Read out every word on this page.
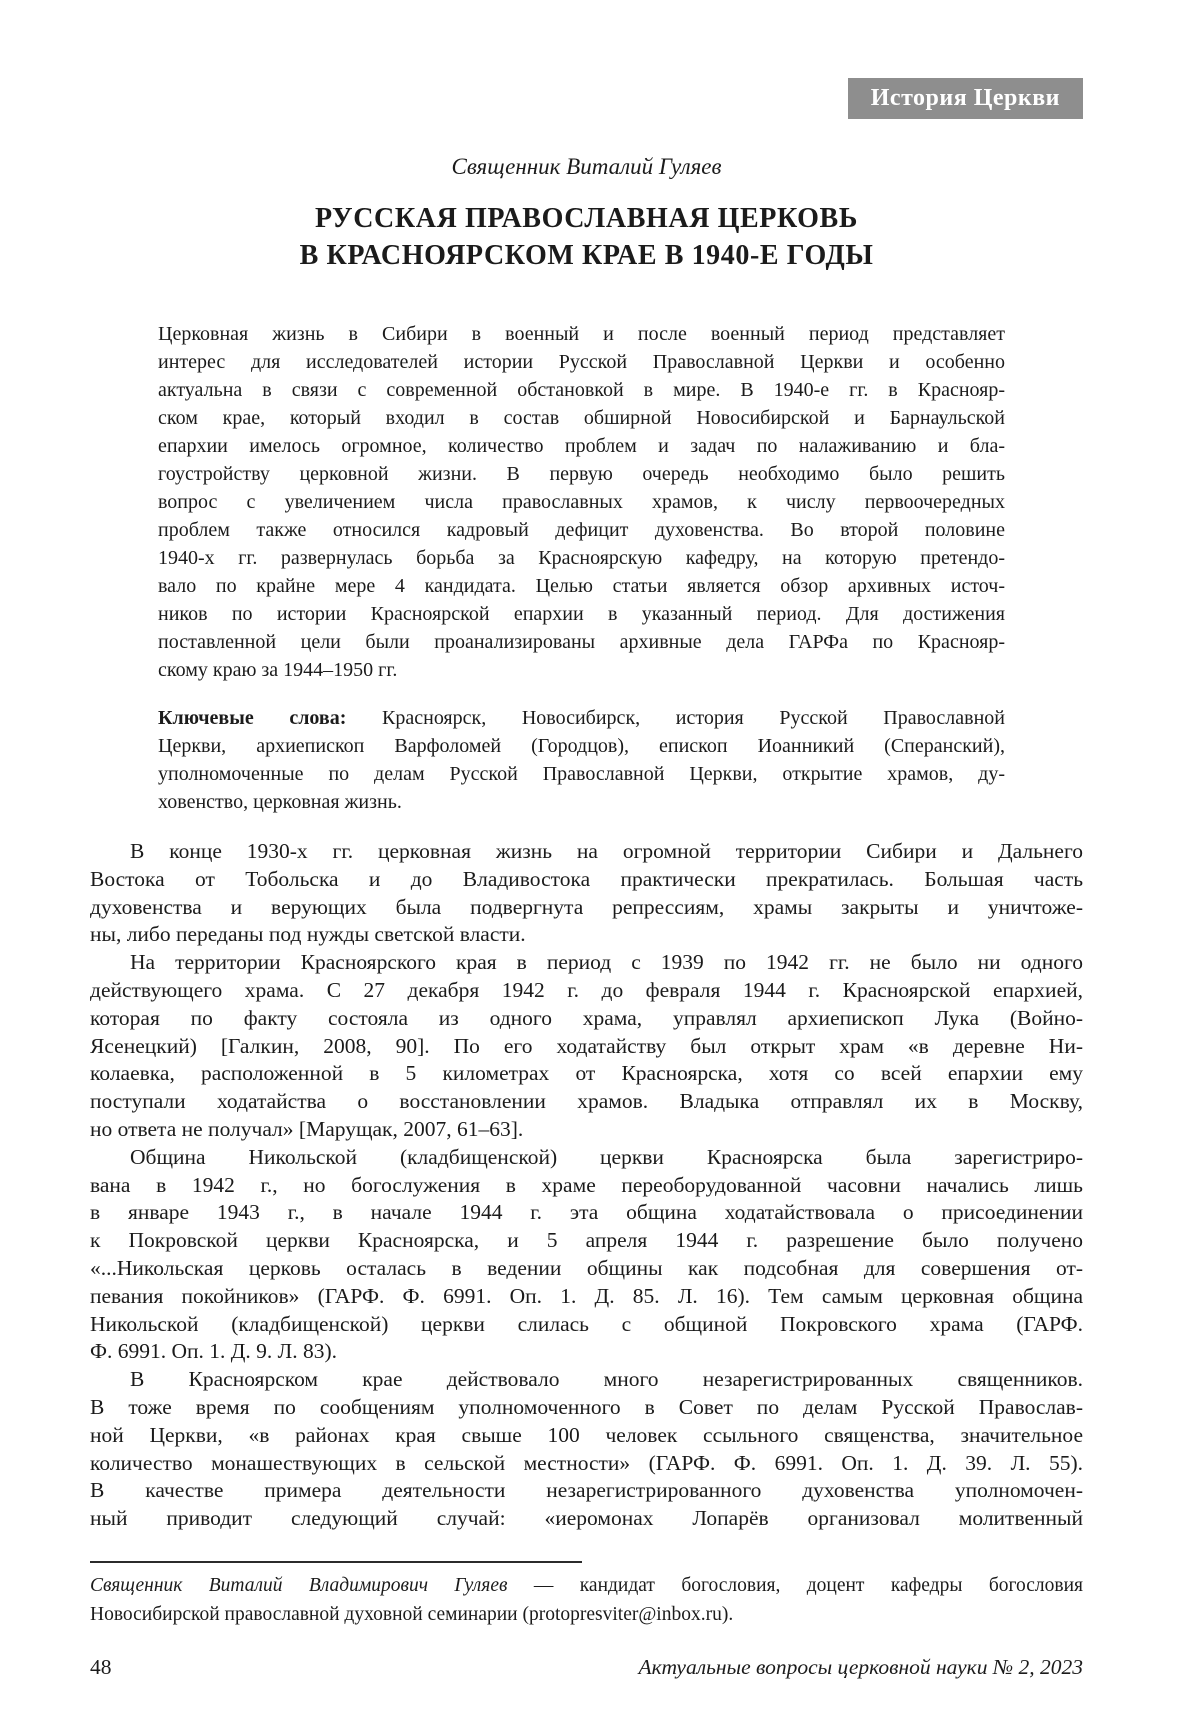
История Церкви
Священник Виталий Гуляев
РУССКАЯ ПРАВОСЛАВНАЯ ЦЕРКОВЬ
В КРАСНОЯРСКОМ КРАЕ В 1940-Е ГОДЫ
Церковная жизнь в Сибири в военный и после военный период представляет
интерес для исследователей истории Русской Православной Церкви и особенно
актуальна в связи с современной обстановкой в мире. В 1940-е гг. в Краснояр-
ском крае, который входил в состав обширной Новосибирской и Барнаульской
епархии имелось огромное, количество проблем и задач по налаживанию и бла-
гоустройству церковной жизни. В первую очередь необходимо было решить
вопрос с увеличением числа православных храмов, к числу первоочередных
проблем также относился кадровый дефицит духовенства. Во второй половине
1940-х гг. развернулась борьба за Красноярскую кафедру, на которую претендо-
вало по крайне мере 4 кандидата. Целью статьи является обзор архивных источ-
ников по истории Красноярской епархии в указанный период. Для достижения
поставленной цели были проанализированы архивные дела ГАРФа по Краснояр-
скому краю за 1944–1950 гг.
Ключевые слова: Красноярск, Новосибирск, история Русской Православной
Церкви, архиепископ Варфоломей (Городцов), епископ Иоанникий (Сперанский),
уполномоченные по делам Русской Православной Церкви, открытие храмов, ду-
ховенство, церковная жизнь.
В конце 1930-х гг. церковная жизнь на огромной территории Сибири и Дальнего
Востока от Тобольска и до Владивостока практически прекратилась. Большая часть
духовенства и верующих была подвергнута репрессиям, храмы закрыты и уничтоже-
ны, либо переданы под нужды светской власти.
На территории Красноярского края в период с 1939 по 1942 гг. не было ни одного
действующего храма. С 27 декабря 1942 г. до февраля 1944 г. Красноярской епархией,
которая по факту состояла из одного храма, управлял архиепископ Лука (Войно-
Ясенецкий) [Галкин, 2008, 90]. По его ходатайству был открыт храм «в деревне Ни-
колаевка, расположенной в 5 километрах от Красноярска, хотя со всей епархии ему
поступали ходатайства о восстановлении храмов. Владыка отправлял их в Москву,
но ответа не получал» [Марущак, 2007, 61–63].
Община Никольской (кладбищенской) церкви Красноярска была зарегистриро-
вана в 1942 г., но богослужения в храме переоборудованной часовни начались лишь
в январе 1943 г., в начале 1944 г. эта община ходатайствовала о присоединении
к Покровской церкви Красноярска, и 5 апреля 1944 г. разрешение было получено
«...Никольская церковь осталась в ведении общины как подсобная для совершения от-
певания покойников» (ГАРФ. Ф. 6991. Оп. 1. Д. 85. Л. 16). Тем самым церковная община
Никольской (кладбищенской) церкви слилась с общиной Покровского храма (ГАРФ.
Ф. 6991. Оп. 1. Д. 9. Л. 83).
В Красноярском крае действовало много незарегистрированных священников.
В тоже время по сообщениям уполномоченного в Совет по делам Русской Православ-
ной Церкви, «в районах края свыше 100 человек ссыльного священства, значительное
количество монашествующих в сельской местности» (ГАРФ. Ф. 6991. Оп. 1. Д. 39. Л. 55).
В качестве примера деятельности незарегистрированного духовенства уполномочен-
ный приводит следующий случай: «иеромонах Лопарёв организовал молитвенный
Священник Виталий Владимирович Гуляев — кандидат богословия, доцент кафедры богословия
Новосибирской православной духовной семинарии (protopresviter@inbox.ru).
48	Актуальные вопросы церковной науки № 2, 2023
